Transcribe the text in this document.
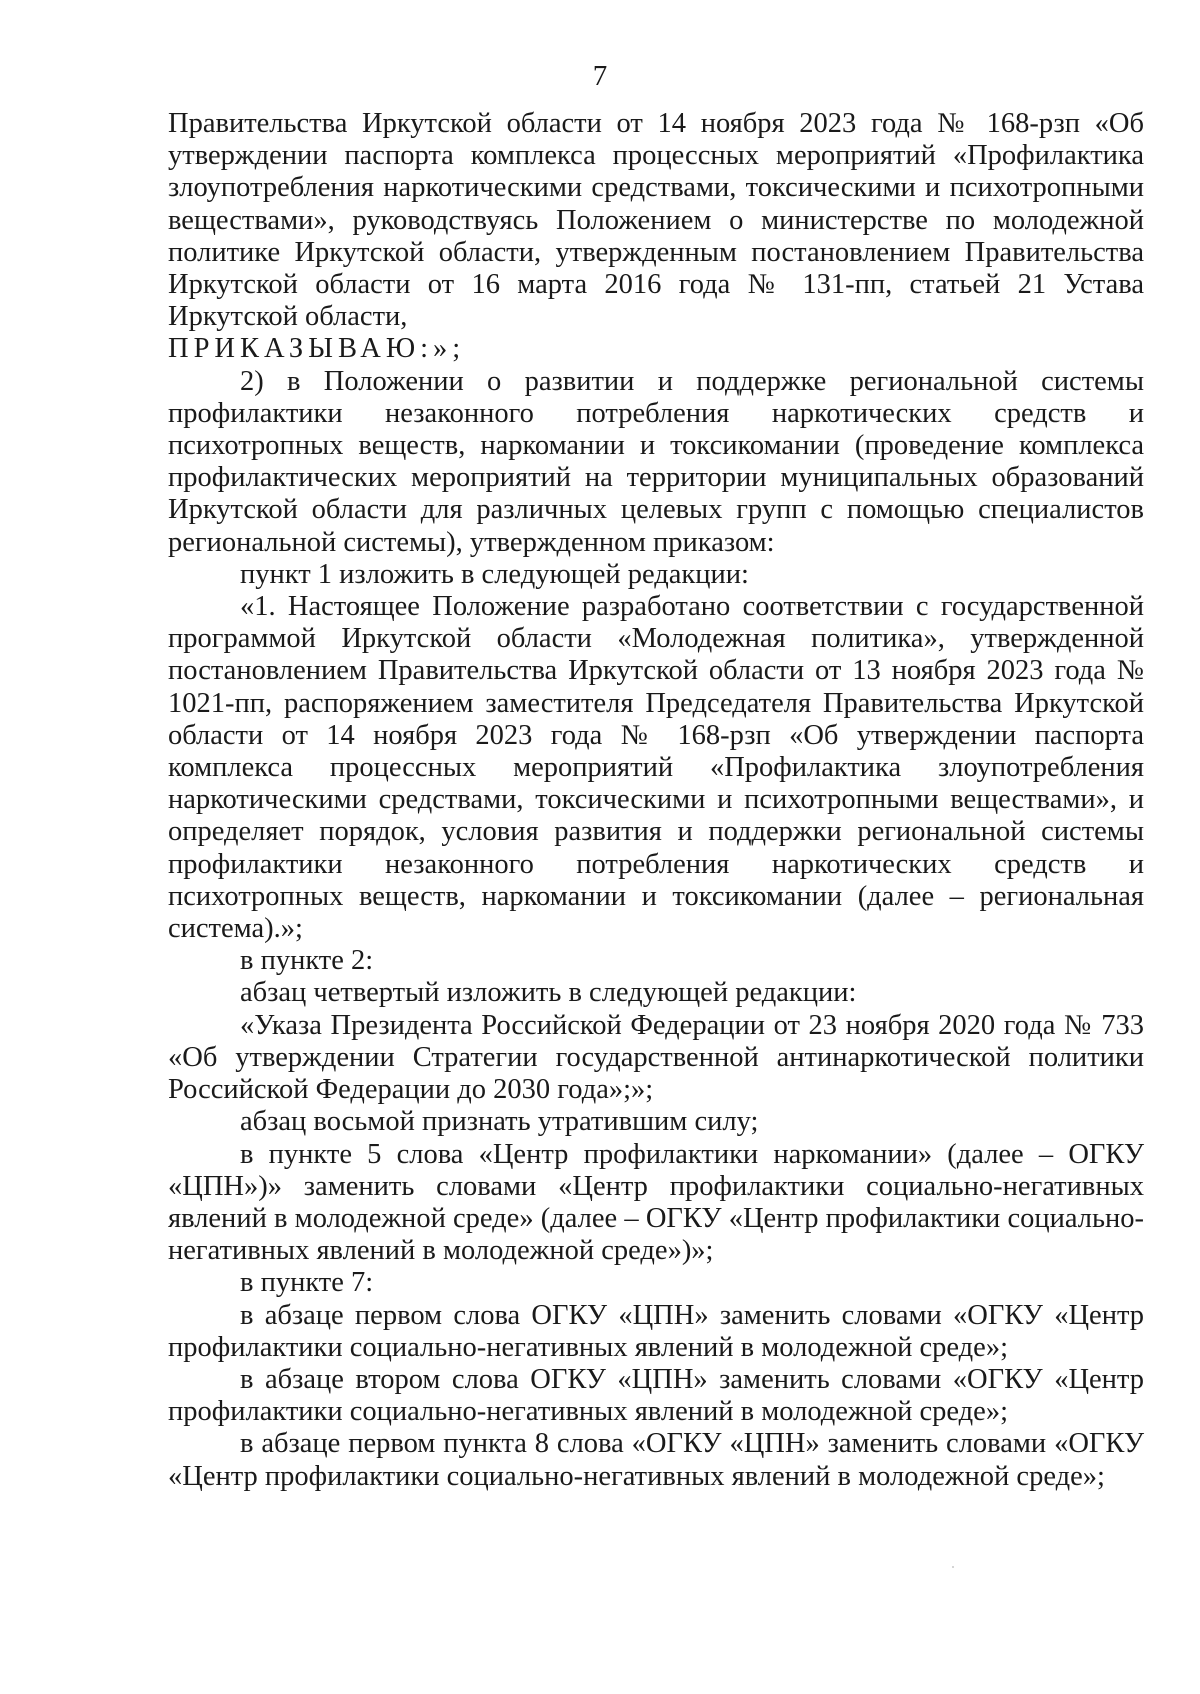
7

Правительства Иркутской области от 14 ноября 2023 года № 168-рзп «Об утверждении паспорта комплекса процессных мероприятий «Профилактика злоупотребления наркотическими средствами, токсическими и психотропными веществами», руководствуясь Положением о министерстве по молодежной политике Иркутской области, утвержденным постановлением Правительства Иркутской области от 16 марта 2016 года № 131-пп, статьей 21 Устава Иркутской области,

ПРИКАЗЫВАЮ:»;

2) в Положении о развитии и поддержке региональной системы профилактики незаконного потребления наркотических средств и психотропных веществ, наркомании и токсикомании (проведение комплекса профилактических мероприятий на территории муниципальных образований Иркутской области для различных целевых групп с помощью специалистов региональной системы), утвержденном приказом:

пункт 1 изложить в следующей редакции:

«1. Настоящее Положение разработано соответствии с государственной программой Иркутской области «Молодежная политика», утвержденной постановлением Правительства Иркутской области от 13 ноября 2023 года № 1021-пп, распоряжением заместителя Председателя Правительства Иркутской области от 14 ноября 2023 года № 168-рзп «Об утверждении паспорта комплекса процессных мероприятий «Профилактика злоупотребления наркотическими средствами, токсическими и психотропными веществами», и определяет порядок, условия развития и поддержки региональной системы профилактики незаконного потребления наркотических средств и психотропных веществ, наркомании и токсикомании (далее – региональная система).»;

в пункте 2:

абзац четвертый изложить в следующей редакции:

«Указа Президента Российской Федерации от 23 ноября 2020 года № 733 «Об утверждении Стратегии государственной антинаркотической политики Российской Федерации до 2030 года»;»;

абзац восьмой признать утратившим силу;

в пункте 5 слова «Центр профилактики наркомании» (далее – ОГКУ «ЦПН»)» заменить словами «Центр профилактики социально-негативных явлений в молодежной среде» (далее – ОГКУ «Центр профилактики социально-негативных явлений в молодежной среде»)»;

в пункте 7:

в абзаце первом слова ОГКУ «ЦПН» заменить словами «ОГКУ «Центр профилактики социально-негативных явлений в молодежной среде»;

в абзаце втором слова ОГКУ «ЦПН» заменить словами «ОГКУ «Центр профилактики социально-негативных явлений в молодежной среде»;

в абзаце первом пункта 8 слова «ОГКУ «ЦПН» заменить словами «ОГКУ «Центр профилактики социально-негативных явлений в молодежной среде»;
